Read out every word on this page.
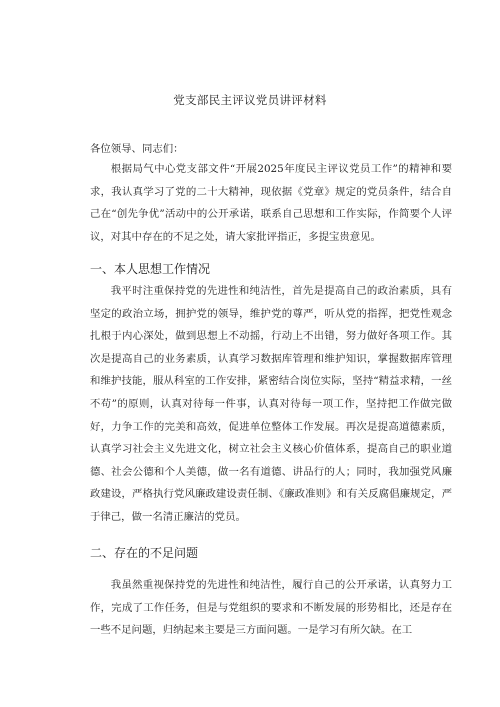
党支部民主评议党员讲评材料
各位领导、同志们：

根据局气中心党支部文件“开展2025年度民主评议党员工作”的精神和要求，我认真学习了党的二十大精神，现依据《党章》规定的党员条件，结合自己在“创先争优”活动中的公开承诺，联系自己思想和工作实际，作简要个人评议，对其中存在的不足之处，请大家批评指正，多提宝贵意见。

一、本人思想工作情况

我平时注重保持党的先进性和纯洁性，首先是提高自己的政治素质，具有坚定的政治立场，拥护党的领导，维护党的尊严，听从党的指挥，把党性观念扎根于内心深处，做到思想上不动摇，行动上不出错，努力做好各项工作。其次是提高自己的业务素质，认真学习数据库管理和维护知识，掌握数据库管理和维护技能，服从科室的工作安排，紧密结合岗位实际，坚持“精益求精，一丝不苟”的原则，认真对待每一件事，认真对待每一项工作，坚持把工作做完做好，力争工作的完美和高效，促进单位整体工作发展。再次是提高道德素质，认真学习社会主义先进文化，树立社会主义核心价值体系，提高自己的职业道德、社会公德和个人美德，做一名有道德、讲品行的人；同时，我加强党风廉政建设，严格执行党风廉政建设责任制、《廉政准则》和有关反腐倡廉规定，严于律己，做一名清正廉洁的党员。

二、存在的不足问题

我虽然重视保持党的先进性和纯洁性，履行自己的公开承诺，认真努力工作，完成了工作任务，但是与党组织的要求和不断发展的形势相比，还是存在一些不足问题，归纳起来主要是三方面问题。一是学习有所欠缺。在工
